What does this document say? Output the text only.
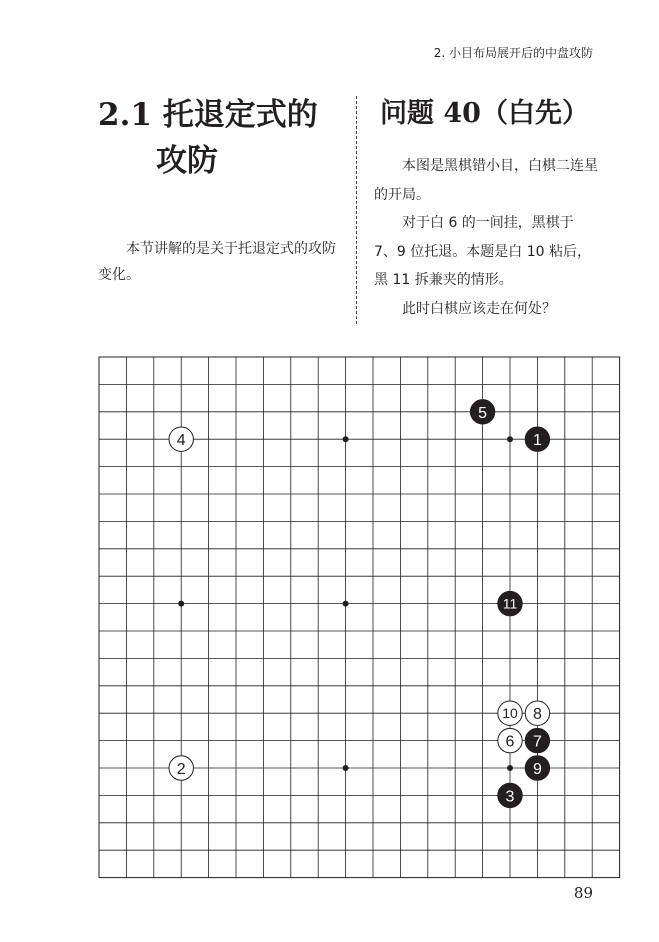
2. 小目布局展开后的中盘攻防
2.1 托退定式的
攻防

本节讲解的是关于托退定式的攻防变化。

问题 40（白先）

本图是黑棋错小目，白棋二连星的开局。

对于白 6 的一间挂，黑棋于 7、9 位托退。本题是白 10 粘后，黑 11 拆兼夹的情形。

此时白棋应该走在何处？

1
2
3
4
5
6 7
8
9
10
11
89
